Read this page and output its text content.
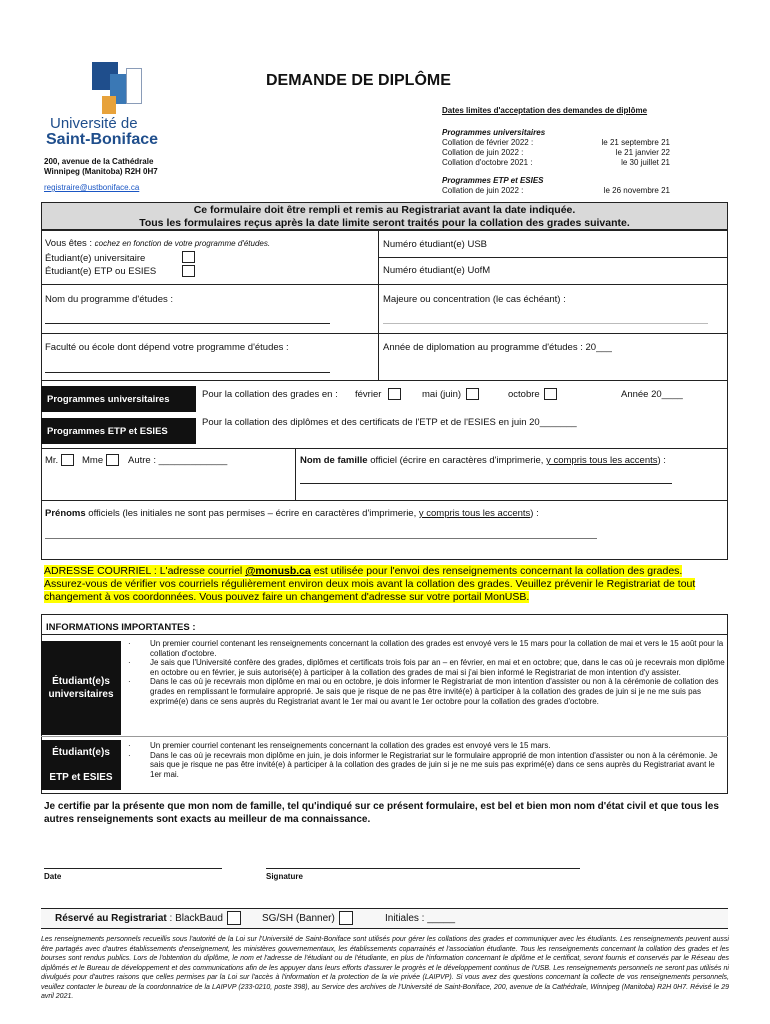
Université de
Saint-Boniface
200, avenue de la Cathédrale
Winnipeg (Manitoba) R2H 0H7
registraire@ustboniface.ca
DEMANDE DE DIPLÔME
Dates limites d'acceptation des demandes de diplôme
Programmes universitaires
Collation de février 2022 :	le 21 septembre 21
Collation de juin 2022 :	le 21 janvier 22
Collation d'octobre 2021 :	le 30 juillet 21
Programmes ETP et ESIES
Collation de juin 2022 :	le 26 novembre 21
Ce formulaire doit être rempli et remis au Registrariat avant la date indiquée.
Tous les formulaires reçus après la date limite seront traités pour la collation des grades suivante.
Vous êtes : cochez en fonction de votre programme d'études.
Étudiant(e) universitaire
Étudiant(e) ETP ou ESIES
Numéro étudiant(e) USB
Numéro étudiant(e) UofM
Nom du programme d'études :	Majeure ou concentration (le cas échéant) :
Faculté ou école dont dépend votre programme d'études :	Année de diplomation au programme d'études : 20___
Programmes universitaires	Pour la collation des grades en : février	mai (juin)	octobre	Année 20____
Programmes ETP et ESIES
Pour la collation des diplômes et des certificats de l'ETP et de l'ESIES en juin 20_______
Mr.	Mme	Autre : _____________	Nom de famille officiel (écrire en caractères d'imprimerie, y compris tous les accents) :
Prénoms officiels (les initiales ne sont pas permises – écrire en caractères d'imprimerie, y compris tous les accents) :
ADRESSE COURRIEL : L'adresse courriel @monusb.ca est utilisée pour l'envoi des renseignements concernant la collation des grades. Assurez-vous de vérifier vos courriels régulièrement environ deux mois avant la collation des grades. Veuillez prévenir le Registrariat de tout changement à vos coordonnées. Vous pouvez faire un changement d'adresse sur votre portail MonUSB.
INFORMATIONS IMPORTANTES :
Étudiant(e)s
universitaires
· Un premier courriel contenant les renseignements concernant la collation des grades est envoyé vers le 15 mars pour la collation de mai et vers le 15 août pour la collation d'octobre.
· Je sais que l'Université confère des grades, diplômes et certificats trois fois par an – en février, en mai et en octobre; que, dans le cas où je recevrais mon diplôme en octobre ou en février, je suis autorisé(e) à participer à la collation des grades de mai si j'ai bien informé le Registrariat de mon intention d'y assister.
· Dans le cas où je recevrais mon diplôme en mai ou en octobre, je dois informer le Registrariat de mon intention d'assister ou non à la cérémonie de collation des grades en remplissant le formulaire approprié. Je sais que je risque de ne pas être invité(e) à participer à la collation des grades de juin si je ne me suis pas exprimé(e) dans ce sens auprès du Registrariat avant le 1er mai ou avant le 1er octobre pour la collation des grades d'octobre.
Étudiant(e)s
ETP et ESIES
· Un premier courriel contenant les renseignements concernant la collation des grades est envoyé vers le 15 mars.
· Dans le cas où je recevrais mon diplôme en juin, je dois informer le Registrariat sur le formulaire approprié de mon intention d'assister ou non à la cérémonie. Je sais que je risque ne pas être invité(e) à participer à la collation des grades de juin si je ne me suis pas exprimé(e) dans ce sens auprès du Registrariat avant le 1er mai.
Je certifie par la présente que mon nom de famille, tel qu'indiqué sur ce présent formulaire, est bel et bien mon nom d'état civil et que tous les autres renseignements sont exacts au meilleur de ma connaissance.
Date	Signature
Réservé au Registrariat : BlackBaud	SG/SH (Banner)	Initiales : _____
Les renseignements personnels recueillis sous l'autorité de la Loi sur l'Université de Saint-Boniface sont utilisés pour gérer les collations des grades et communiquer avec les étudiants. Les renseignements peuvent aussi être partagés avec d'autres établissements d'enseignement, les ministères gouvernementaux, les établissements coparrainés et l'association étudiante. Tous les renseignements concernant la collation des grades et les bourses sont rendus publics. Lors de l'obtention du diplôme, le nom et l'adresse de l'étudiant ou de l'étudiante, en plus de l'information concernant le diplôme et le certificat, seront fournis et conservés par le Réseau des diplômés et le Bureau de développement et des communications afin de les appuyer dans leurs efforts d'assurer le progrès et le développement continus de l'USB. Les renseignements personnels ne seront pas utilisés ni divulgués pour d'autres raisons que celles permises par la Loi sur l'accès à l'information et la protection de la vie privée (LAIPVP). Si vous avez des questions concernant la collecte de vos renseignements personnels, veuillez contacter le bureau de la coordonnatrice de la LAIPVP (233-0210, poste 398), au Service des archives de l'Université de Saint-Boniface, 200, avenue de la Cathédrale, Winnipeg (Manitoba) R2H 0H7. Révisé le 29 avril 2021.
